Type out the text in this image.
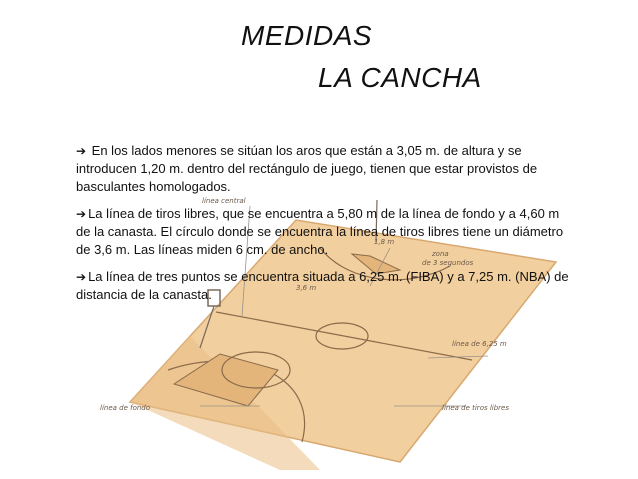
MEDIDAS
LA CANCHA
línea central
1,8 m
zona
de 3 segundos
3,6 m
línea de 6,25 m
línea de fondo	línea de tiros libres
➔ En los lados menores se sitúan los aros que están a 3,05 m. de altura y se introducen 1,20 m. dentro del rectángulo de juego, tienen que estar provistos de basculantes homologados.
➔ La línea de tiros libres, que se encuentra a 5,80 m de la línea de fondo y a 4,60 m de la canasta. El círculo donde se encuentra la línea de tiros libres tiene un diámetro de 3,6 m. Las líneas miden 6 cm. de ancho.
➔ La línea de tres puntos se encuentra situada a 6,25 m. (FIBA) y a 7,25 m. (NBA) de distancia de la canasta.
